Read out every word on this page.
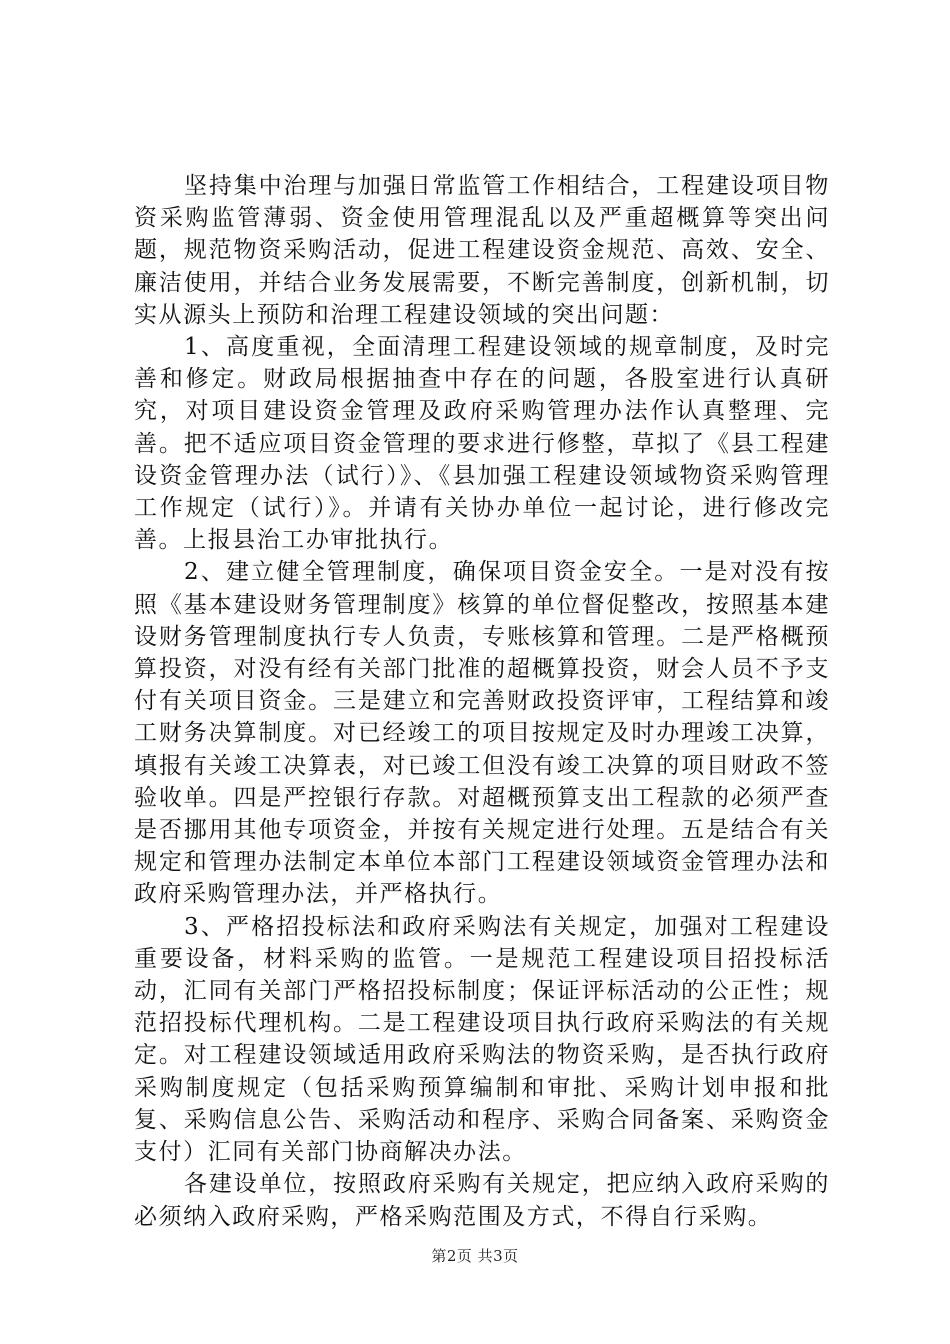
坚持集中治理与加强日常监管工作相结合，工程建设项目物资采购监管薄弱、资金使用管理混乱以及严重超概算等突出问题，规范物资采购活动，促进工程建设资金规范、高效、安全、廉洁使用，并结合业务发展需要，不断完善制度，创新机制，切实从源头上预防和治理工程建设领域的突出问题：

1、高度重视，全面清理工程建设领域的规章制度，及时完善和修定。财政局根据抽查中存在的问题，各股室进行认真研究，对项目建设资金管理及政府采购管理办法作认真整理、完善。把不适应项目资金管理的要求进行修整，草拟了《县工程建设资金管理办法（试行）》、《县加强工程建设领域物资采购管理工作规定（试行）》。并请有关协办单位一起讨论，进行修改完善。上报县治工办审批执行。

2、建立健全管理制度，确保项目资金安全。一是对没有按照《基本建设财务管理制度》核算的单位督促整改，按照基本建设财务管理制度执行专人负责，专账核算和管理。二是严格概预算投资，对没有经有关部门批准的超概算投资，财会人员不予支付有关项目资金。三是建立和完善财政投资评审，工程结算和竣工财务决算制度。对已经竣工的项目按规定及时办理竣工决算，填报有关竣工决算表，对已竣工但没有竣工决算的项目财政不签验收单。四是严控银行存款。对超概预算支出工程款的必须严查是否挪用其他专项资金，并按有关规定进行处理。五是结合有关规定和管理办法制定本单位本部门工程建设领域资金管理办法和政府采购管理办法，并严格执行。

3、严格招投标法和政府采购法有关规定，加强对工程建设重要设备，材料采购的监管。一是规范工程建设项目招投标活动，汇同有关部门严格招投标制度；保证评标活动的公正性；规范招投标代理机构。二是工程建设项目执行政府采购法的有关规定。对工程建设领域适用政府采购法的物资采购，是否执行政府采购制度规定（包括采购预算编制和审批、采购计划申报和批复、采购信息公告、采购活动和程序、采购合同备案、采购资金支付）汇同有关部门协商解决办法。

各建设单位，按照政府采购有关规定，把应纳入政府采购的必须纳入政府采购，严格采购范围及方式，不得自行采购。

第2页 共3页
